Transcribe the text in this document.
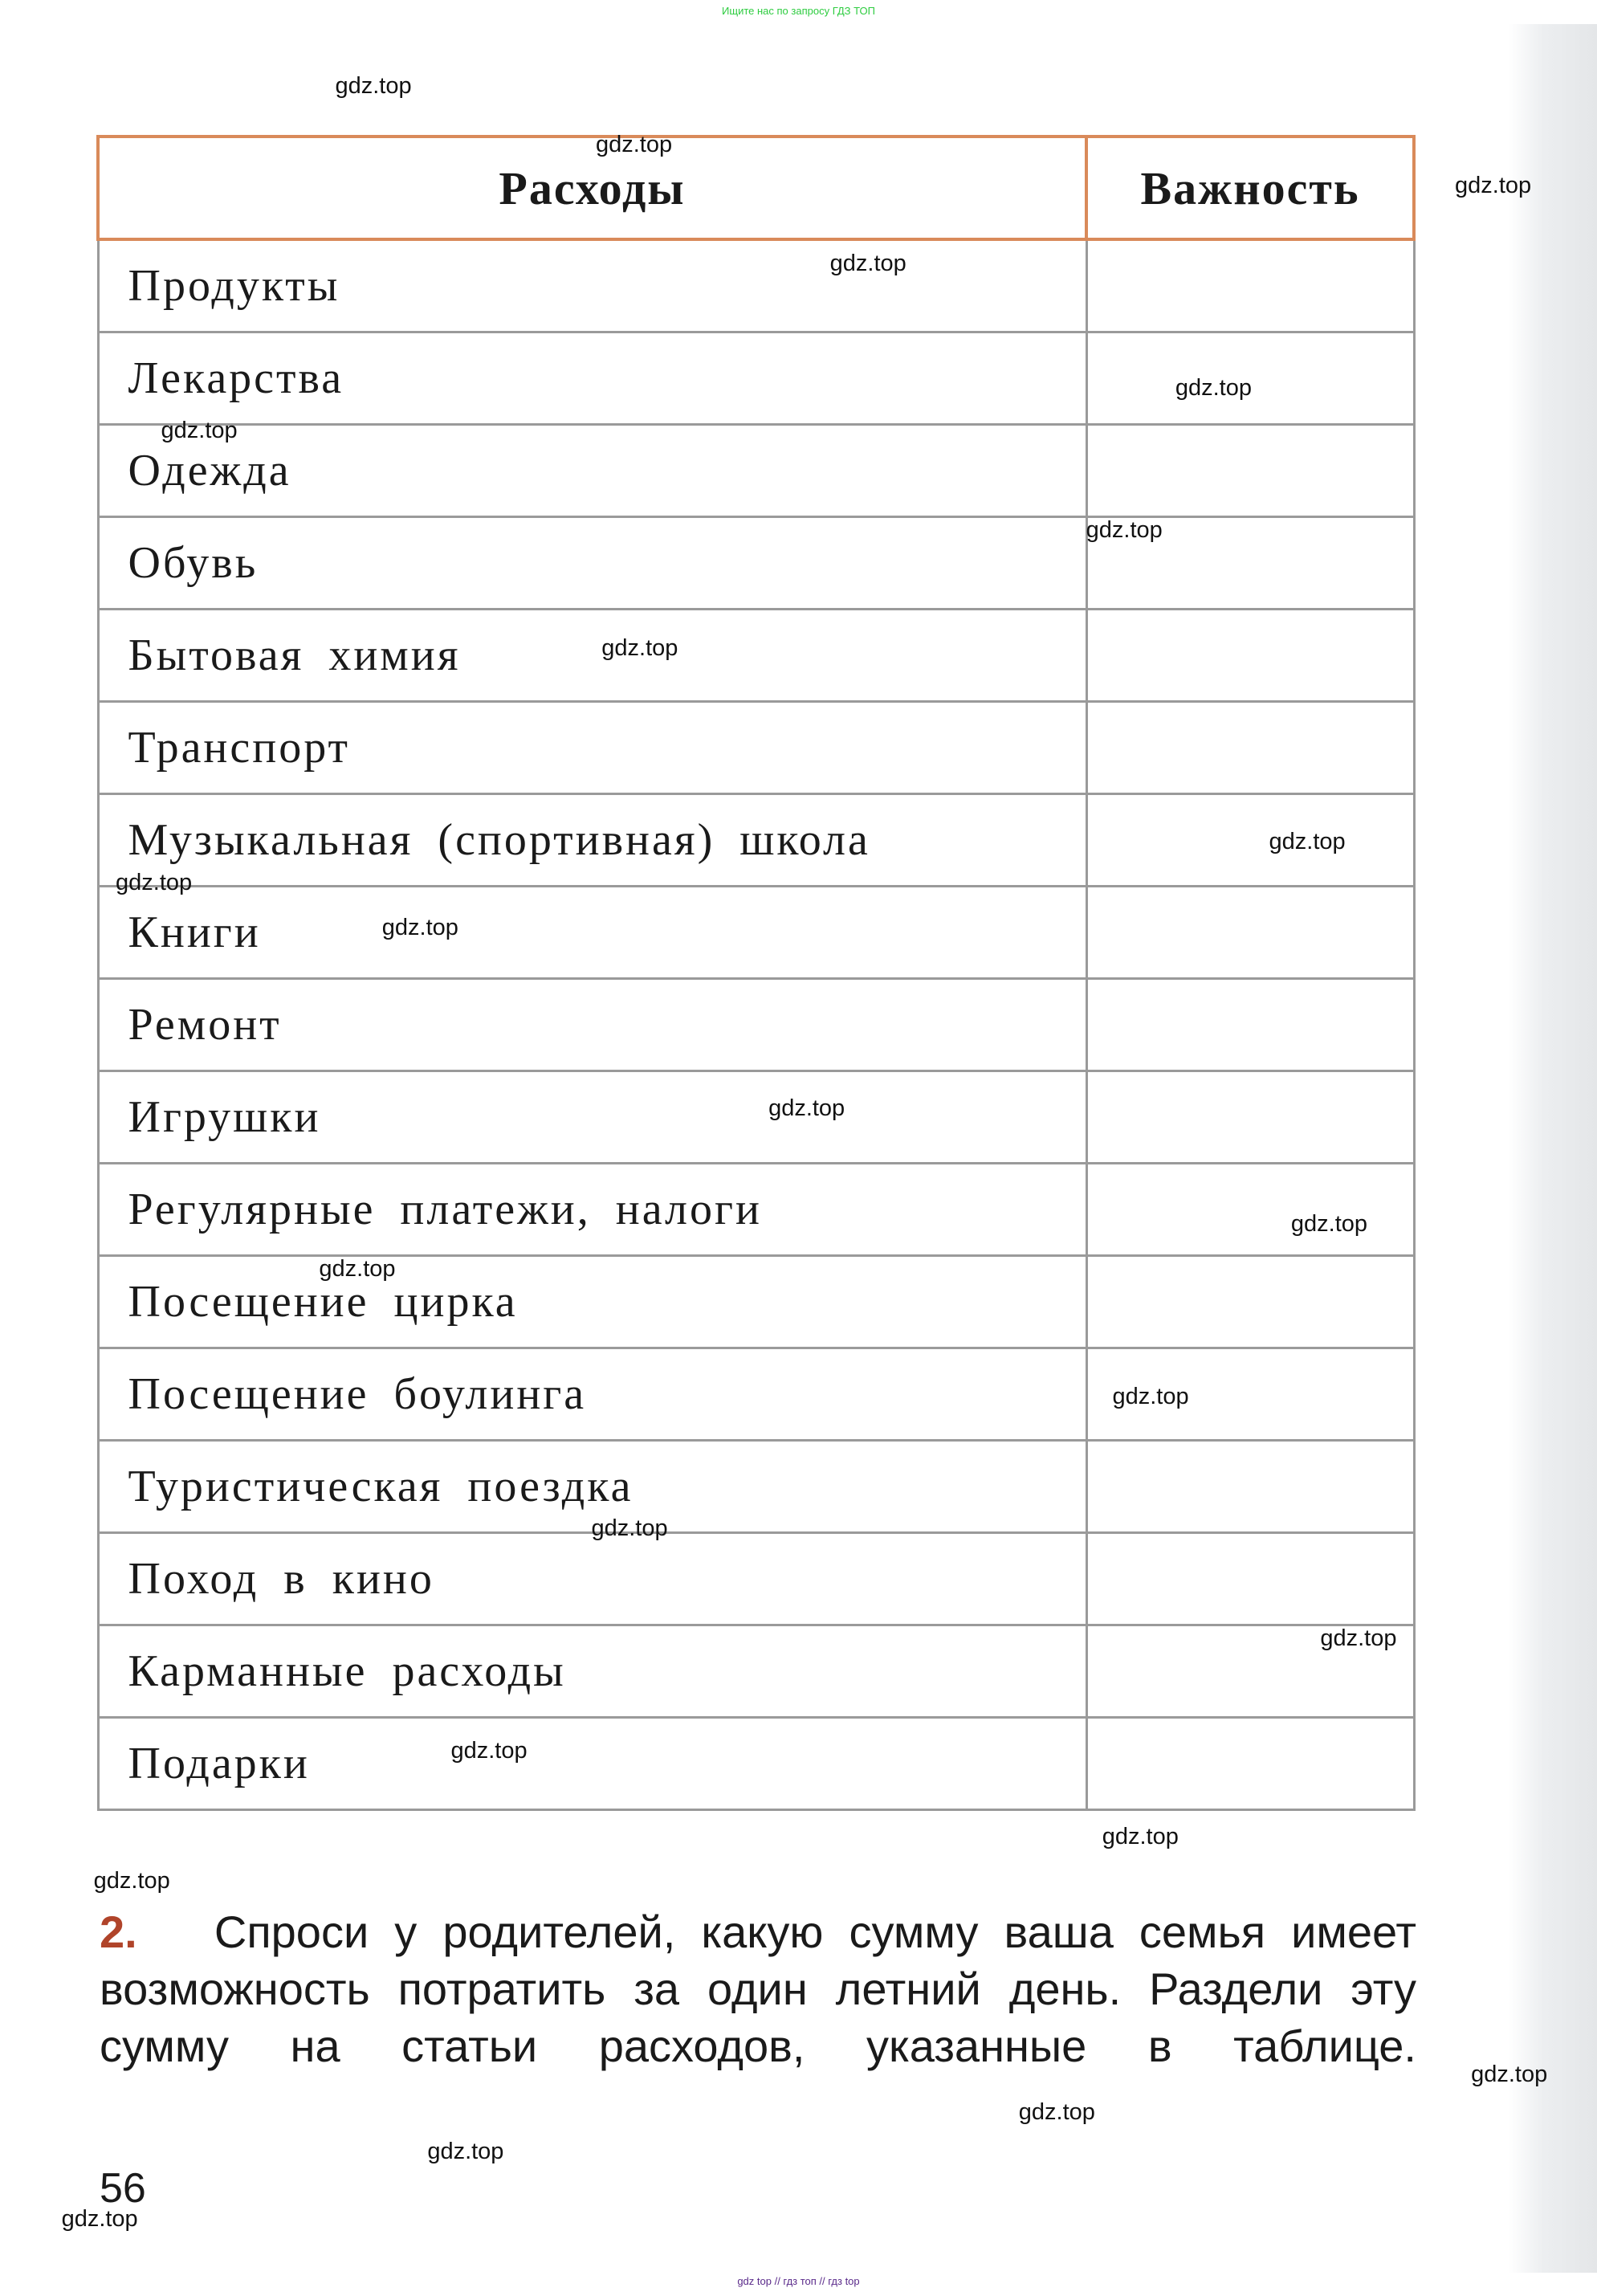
Ищите нас по запросу ГДЗ ТОП
Расходы	Важность
Продукты	
Лекарства	
Одежда	
Обувь	
Бытовая химия	
Транспорт	
Музыкальная (спортивная) школа	
Книги	
Ремонт	
Игрушки	
Регулярные платежи, налоги	
Посещение цирка	
Посещение боулинга	
Туристическая поездка	
Поход в кино	
Карманные расходы	
Подарки	
2. Спроси у родителей, какую сумму ваша семья имеет возможность потратить за один летний день. Раздели эту сумму на статьи расходов, указанные в таблице.
56
gdz top // гдз топ // гдз top
gdz.top
gdz.top
gdz.top
gdz.top
gdz.top
gdz.top
gdz.top
gdz.top
gdz.top
gdz.top
gdz.top
gdz.top
gdz.top
gdz.top
gdz.top
gdz.top
gdz.top
gdz.top
gdz.top
gdz.top
gdz.top
gdz.top
gdz.top
gdz.top
